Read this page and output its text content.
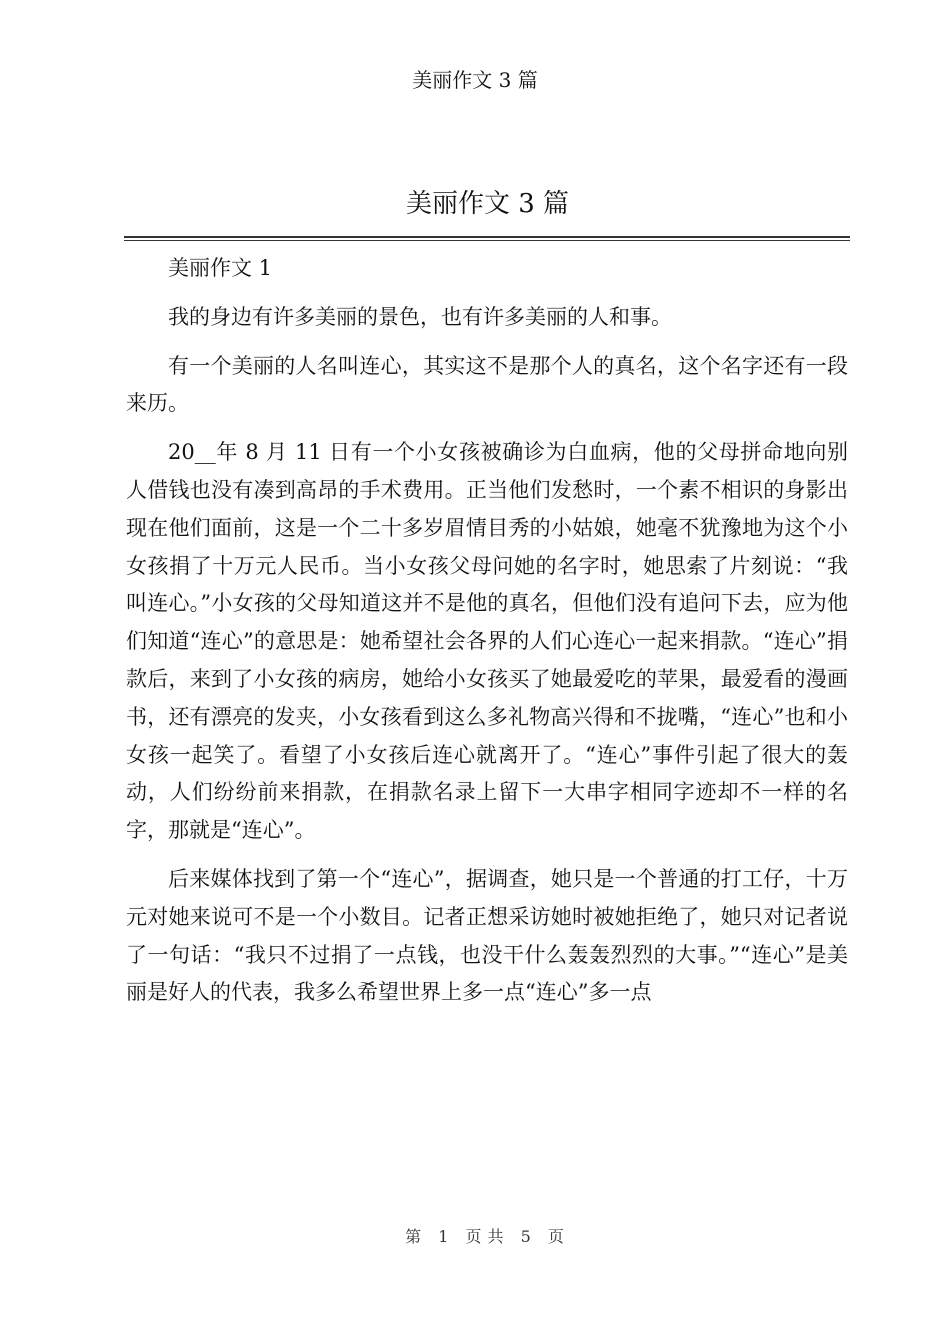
美丽作文 3 篇
美丽作文 3 篇

美丽作文 1

我的身边有许多美丽的景色，也有许多美丽的人和事。

有一个美丽的人名叫连心，其实这不是那个人的真名，这个名字还有一段来历。

20__年 8 月 11 日有一个小女孩被确诊为白血病，他的父母拼命地向别人借钱也没有凑到高昂的手术费用。正当他们发愁时，一个素不相识的身影出现在他们面前，这是一个二十多岁眉情目秀的小姑娘，她毫不犹豫地为这个小女孩捐了十万元人民币。当小女孩父母问她的名字时，她思索了片刻说：“我叫连心。”小女孩的父母知道这并不是他的真名，但他们没有追问下去，应为他们知道“连心”的意思是：她希望社会各界的人们心连心一起来捐款。“连心”捐款后，来到了小女孩的病房，她给小女孩买了她最爱吃的苹果，最爱看的漫画书，还有漂亮的发夹，小女孩看到这么多礼物高兴得和不拢嘴，“连心”也和小女孩一起笑了。看望了小女孩后连心就离开了。“连心”事件引起了很大的轰动，人们纷纷前来捐款，在捐款名录上留下一大串字相同字迹却不一样的名字，那就是“连心”。

后来媒体找到了第一个“连心”，据调查，她只是一个普通的打工仔，十万元对她来说可不是一个小数目。记者正想采访她时被她拒绝了，她只对记者说了一句话：“我只不过捐了一点钱，也没干什么轰轰烈烈的大事。”“连心”是美丽是好人的代表，我多么希望世界上多一点“连心”多一点

第 1 页共 5 页
